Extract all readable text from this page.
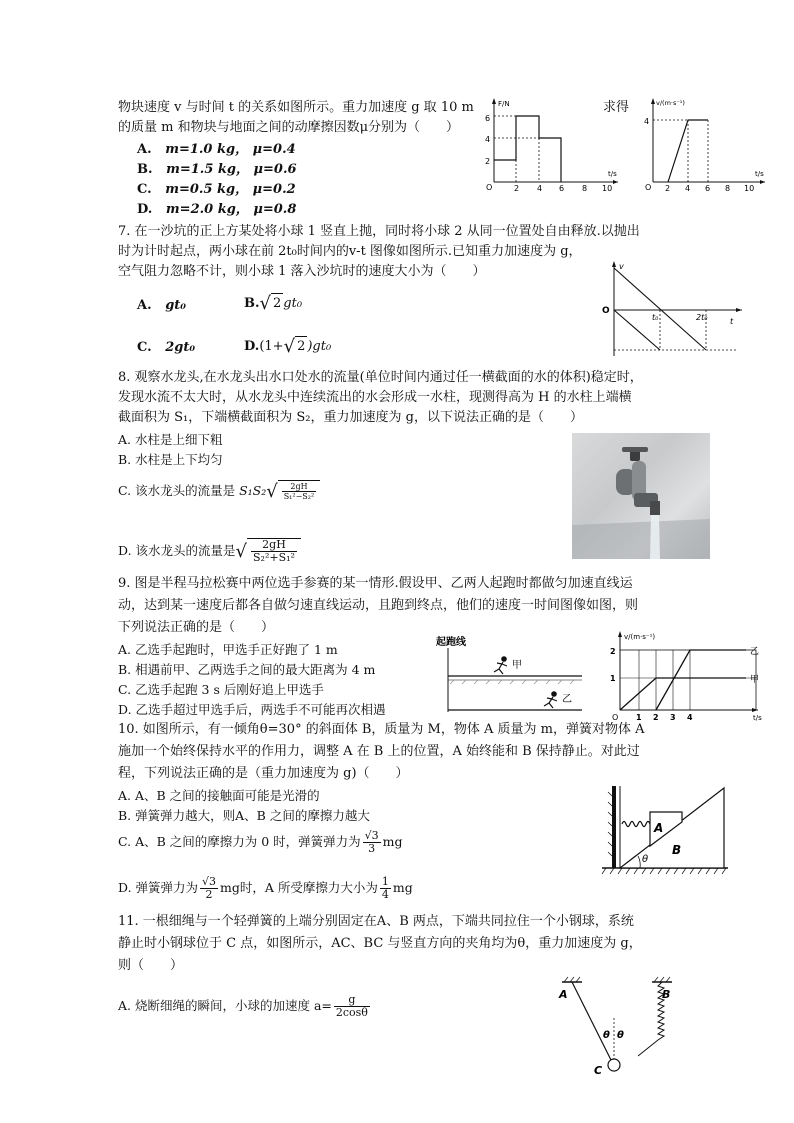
物块速度 v 与时间 t 的关系如图所示。重力加速度 g 取 10 m	求得
的质量 m 和物块与地面之间的动摩擦因数μ分别为（　　）
A. m=1.0 kg， μ=0.4
B. m=1.5 kg， μ=0.6
C. m=0.5 kg， μ=0.2
D. m=2.0 kg， μ=0.8
F/N
t/s
O
2
4
6
2 4 6 8 10
v/(m·s⁻¹)
t/s
O
4
2 4 6 8 10
7. 在一沙坑的正上方某处将小球 1 竖直上抛，同时将小球 2 从同一位置处自由释放.以抛出
时为计时起点，两小球在前 2t₀时间内的v-t 图像如图所示.已知重力加速度为 g，
空气阻力忽略不计，则小球 1 落入沙坑时的速度大小为（　　）
A. gt₀	B.√ 2 gt₀
C. 2gt₀	D.(1+√ 2 )gt₀
v
t
O
t₀	2t₀
8. 观察水龙头,在水龙头出水口处水的流量(单位时间内通过任一横截面的水的体积)稳定时，
发现水流不太大时，从水龙头中连续流出的水会形成一水柱，现测得高为 H 的水柱上端横
截面积为 S₁，下端横截面积为 S₂，重力加速度为 g，以下说法正确的是（　　）
A. 水柱是上细下粗
B. 水柱是上下均匀
C. 该水龙头的流量是 $S_1S_2√ \frac{2gH}{\text{S₁²−S₂²}}$
D. 该水龙头的流量是√ $\frac{2gH}{\text{S₂²+S₁²}}$
9. 图是半程马拉松赛中两位选手参赛的某一情形.假设甲、乙两人起跑时都做匀加速直线运
动，达到某一速度后都各自做匀速直线运动，且跑到终点，他们的速度一时间图像如图，则
下列说法正确的是（　　）
A. 乙选手起跑时，甲选手正好跑了 1 m
B. 相遇前甲、乙两选手之间的最大距离为 4 m
C. 乙选手起跑 3 s 后刚好追上甲选手
D. 乙选手超过甲选手后，两选手不可能再次相遇
起跑线
甲
乙
v/(m·s⁻¹)
t/s
O
1
2
1 2 3 4
乙
甲
10. 如图所示，有一倾角θ=30° 的斜面体 B，质量为 M，物体 A 质量为 m，弹簧对物体 A
施加一个始终保持水平的作用力，调整 A 在 B 上的位置，A 始终能和 B 保持静止。对此过
程，下列说法正确的是（重力加速度为 g)（　　）
A. A、B 之间的接触面可能是光滑的
B. 弹簧弹力越大，则A、B 之间的摩擦力越大
C. A、B 之间的摩擦力为 0 时，弹簧弹力为 $\frac{√3}{3}$ mg
D. 弹簧弹力为 $\frac{√3}{2}$ mg时，A 所受摩擦力大小为 $\frac{1}{4}$ mg
A
B
θ
11. 一根细绳与一个轻弹簧的上端分别固定在A、B 两点，下端共同拉住一个小钢球，系统
静止时小钢球位于 C 点，如图所示，AC、BC 与竖直方向的夹角均为θ，重力加速度为 g，
则（　　）
A. 烧断细绳的瞬间，小球的加速度 $a= \frac{g}{2\cos\theta}$	A	B
θ θ
C
